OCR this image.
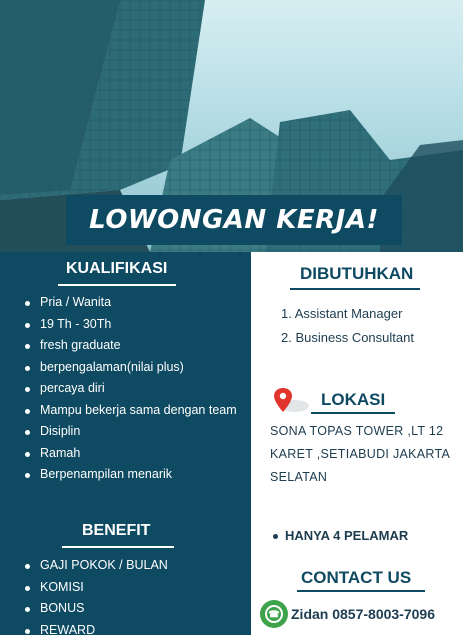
LOWONGAN KERJA!
KUALIFIKASI
Pria / Wanita
19 Th - 30Th
fresh graduate
berpengalaman(nilai plus)
percaya diri
Mampu bekerja sama dengan team
Disiplin
Ramah
Berpenampilan menarik
BENEFIT
GAJI POKOK / BULAN
KOMISI
BONUS
REWARD
DIBUTUHKAN
1. Assistant Manager
2. Business Consultant
LOKASI
SONA TOPAS TOWER ,LT 12 KARET ,SETIABUDI JAKARTA SELATAN
HANYA 4 PELAMAR
CONTACT US
☎ Zidan 0857-8003-7096
